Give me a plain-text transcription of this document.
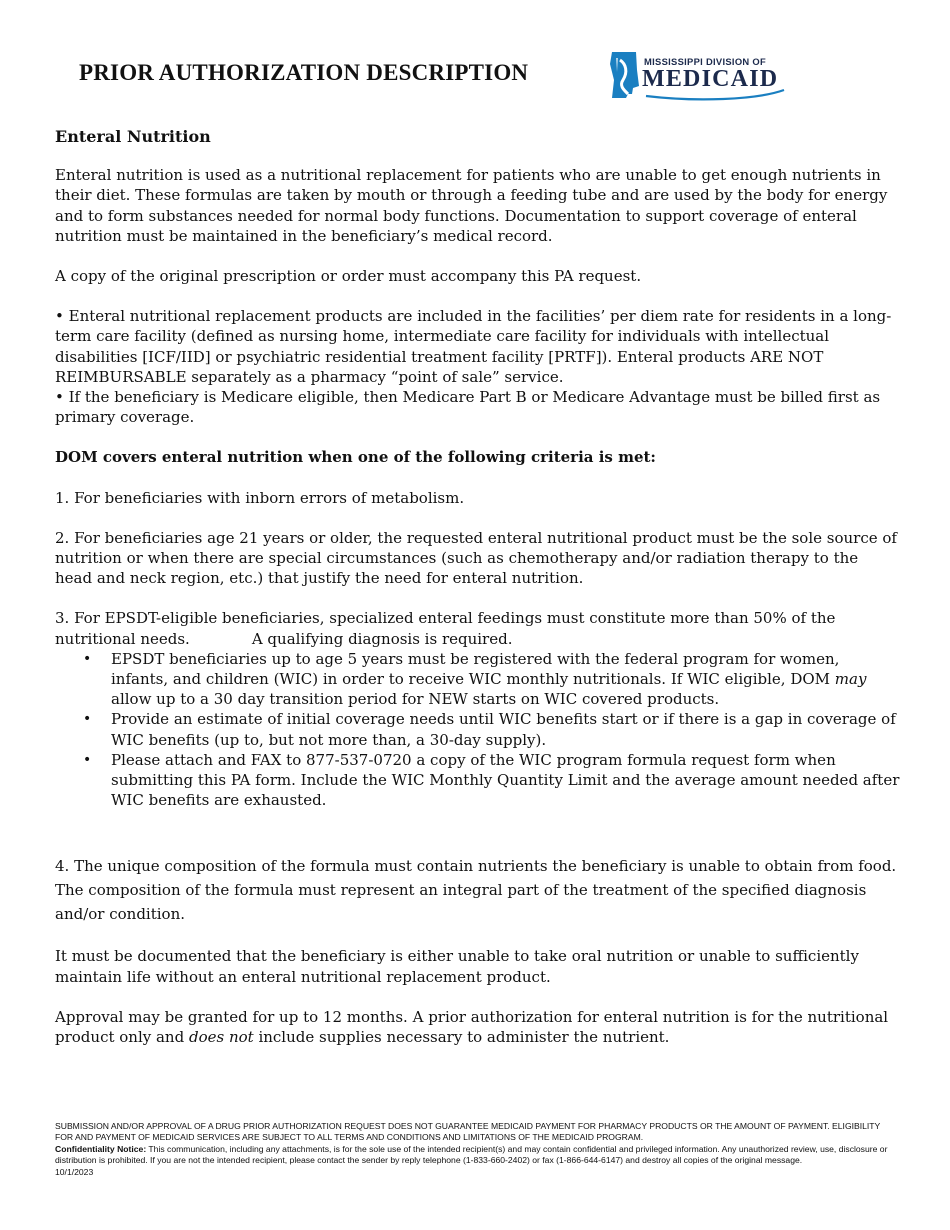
PRIOR AUTHORIZATION DESCRIPTION	MISSISSIPPI DIVISION OF
MEDICAID

Enteral Nutrition

Enteral nutrition is used as a nutritional replacement for patients who are unable to get enough nutrients in their diet. These formulas are taken by mouth or through a feeding tube and are used by the body for energy and to form substances needed for normal body functions. Documentation to support coverage of enteral nutrition must be maintained in the beneficiary’s medical record.

A copy of the original prescription or order must accompany this PA request.

• Enteral nutritional replacement products are included in the facilities’ per diem rate for residents in a long-term care facility (defined as nursing home, intermediate care facility for individuals with intellectual disabilities [ICF/IID] or psychiatric residential treatment facility [PRTF]). Enteral products ARE NOT REIMBURSABLE separately as a pharmacy “point of sale” service.

• If the beneficiary is Medicare eligible, then Medicare Part B or Medicare Advantage must be billed first as primary coverage.

DOM covers enteral nutrition when one of the following criteria is met:

1. For beneficiaries with inborn errors of metabolism.

2. For beneficiaries age 21 years or older, the requested enteral nutritional product must be the sole source of nutrition or when there are special circumstances (such as chemotherapy and/or radiation therapy to the head and neck region, etc.) that justify the need for enteral nutrition.

3. For EPSDT-eligible beneficiaries, specialized enteral feedings must constitute more than 50% of the nutritional needs.	A qualifying diagnosis is required.

• EPSDT beneficiaries up to age 5 years must be registered with the federal program for women, infants, and children (WIC) in order to receive WIC monthly nutritionals. If WIC eligible, DOM may allow up to a 30 day transition period for NEW starts on WIC covered products.
• Provide an estimate of initial coverage needs until WIC benefits start or if there is a gap in coverage of WIC benefits (up to, but not more than, a 30-day supply).
• Please attach and FAX to 877-537-0720 a copy of the WIC program formula request form when submitting this PA form. Include the WIC Monthly Quantity Limit and the average amount needed after WIC benefits are exhausted.

4. The unique composition of the formula must contain nutrients the beneficiary is unable to obtain from food. The composition of the formula must represent an integral part of the treatment of the specified diagnosis and/or condition.

It must be documented that the beneficiary is either unable to take oral nutrition or unable to sufficiently maintain life without an enteral nutritional replacement product.

Approval may be granted for up to 12 months. A prior authorization for enteral nutrition is for the nutritional product only and does not include supplies necessary to administer the nutrient.

SUBMISSION AND/OR APPROVAL OF A DRUG PRIOR AUTHORIZATION REQUEST DOES NOT GUARANTEE MEDICAID PAYMENT FOR PHARMACY PRODUCTS OR THE AMOUNT OF PAYMENT. ELIGIBILITY FOR AND PAYMENT OF MEDICAID SERVICES ARE SUBJECT TO ALL TERMS AND CONDITIONS AND LIMITATIONS OF THE MEDICAID PROGRAM.

Confidentiality Notice: This communication, including any attachments, is for the sole use of the intended recipient(s) and may contain confidential and privileged information. Any unauthorized review, use, disclosure or distribution is prohibited. If you are not the intended recipient, please contact the sender by reply telephone (1-833-660-2402) or fax (1-866-644-6147) and destroy all copies of the original message.

10/1/2023
